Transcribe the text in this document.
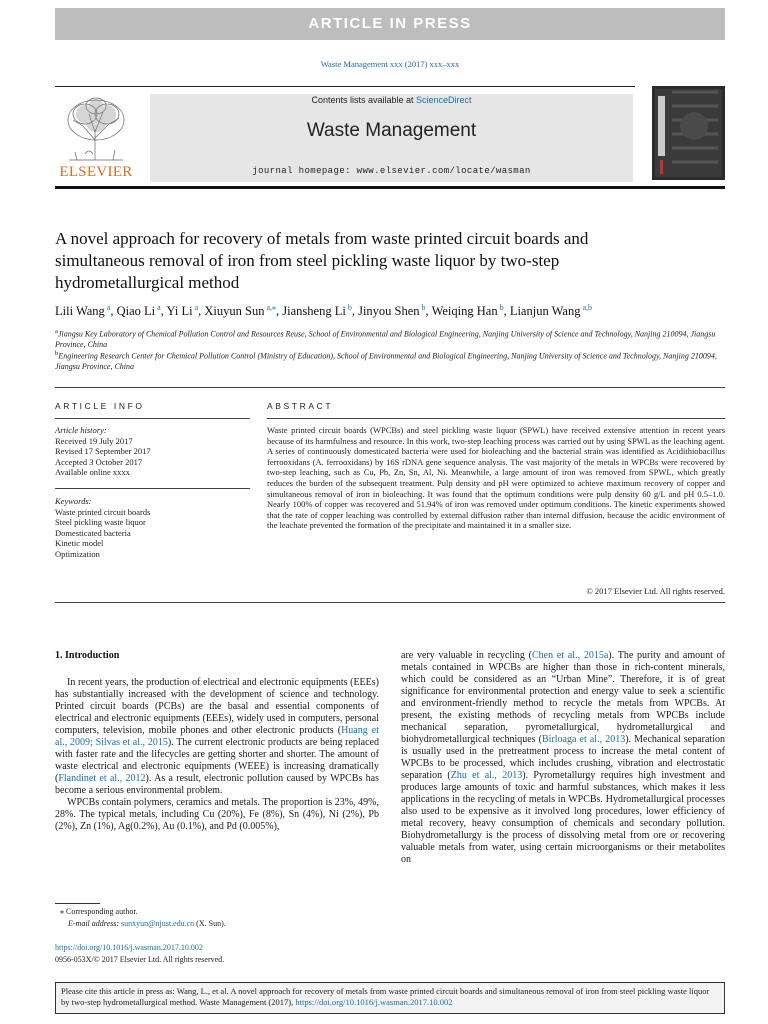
ARTICLE IN PRESS
Waste Management xxx (2017) xxx–xxx
ELSEVIER
Contents lists available at ScienceDirect
Waste Management
journal homepage: www.elsevier.com/locate/wasman
A novel approach for recovery of metals from waste printed circuit boards and simultaneous removal of iron from steel pickling waste liquor by two-step hydrometallurgical method
Lili Wang $^a$, Qiao Li $^a$, Yi Li $^a$, Xiuyun Sun $^{a,⁎}$, Jiansheng Li $^b$, Jinyou Shen $^b$, Weiqing Han $^b$, Lianjun Wang $^{a,b}$
$^a$Jiangsu Key Laboratory of Chemical Pollution Control and Resources Reuse, School of Environmental and Biological Engineering, Nanjing University of Science and Technology, Nanjing 210094, Jiangsu Province, China
$^b$Engineering Research Center for Chemical Pollution Control (Ministry of Education), School of Environmental and Biological Engineering, Nanjing University of Science and Technology, Nanjing 210094, Jiangsu Province, China
ARTICLE INFO	ABSTRACT
Article history:
Received 19 July 2017
Revised 17 September 2017
Accepted 3 October 2017
Available online xxxx
Keywords:
Waste printed circuit boards
Steel pickling waste liquor
Domesticated bacteria
Kinetic model
Optimization
Waste printed circuit boards (WPCBs) and steel pickling waste liquor (SPWL) have received extensive attention in recent years because of its harmfulness and resource. In this work, two-step leaching process was carried out by using SPWL as the leaching agent. A series of continuously domesticated bacteria were used for bioleaching and the bacterial strain was identified as Acidithiobacillus ferrooxidans (A. ferrooxidans) by 16S rDNA gene sequence analysis. The vast majority of the metals in WPCBs were recovered by two-step leaching, such as Cu, Pb, Zn, Sn, Al, Ni. Meanwhile, a large amount of iron was removed from SPWL, which greatly reduces the burden of the subsequent treatment. Pulp density and pH were optimized to achieve maximum recovery of copper and simultaneous removal of iron in bioleaching. It was found that the optimum conditions were pulp density 60 g/L and pH 0.5–1.0. Nearly 100% of copper was recovered and 51.94% of iron was removed under optimum conditions. The kinetic experiments showed that the rate of copper leaching was controlled by external diffusion rather than internal diffusion, because the acidic environment of the leachate prevented the formation of the precipitate and maintained it in a smaller size.
© 2017 Elsevier Ltd. All rights reserved.
1. Introduction

In recent years, the production of electrical and electronic equipments (EEEs) has substantially increased with the development of science and technology. Printed circuit boards (PCBs) are the basal and essential components of electrical and electronic equipments (EEEs), widely used in computers, personal computers, television, mobile phones and other electronic products (Huang et al., 2009; Silvas et al., 2015). The current electronic products are being replaced with faster rate and the lifecycles are getting shorter and shorter. The amount of waste electrical and electronic equipments (WEEE) is increasing dramatically (Flandinet et al., 2012). As a result, electronic pollution caused by WPCBs has become a serious environmental problem.

WPCBs contain polymers, ceramics and metals. The proportion is 23%, 49%, 28%. The typical metals, including Cu (20%), Fe (8%), Sn (4%), Ni (2%), Pb (2%), Zn (1%), Ag(0.2%), Au (0.1%), and Pd (0.005%),

are very valuable in recycling (Chen et al., 2015a). The purity and amount of metals contained in WPCBs are higher than those in rich-content minerals, which could be considered as an “Urban Mine”. Therefore, it is of great significance for environmental protection and energy value to seek a scientific and environment-friendly method to recycle the metals from WPCBs. At present, the existing methods of recycling metals from WPCBs include mechanical separation, pyrometallurgical, hydrometallurgical and biohydrometallurgical techniques (Birloaga et al., 2013). Mechanical separation is usually used in the pretreatment process to increase the metal content of WPCBs to be processed, which includes crushing, vibration and electrostatic separation (Zhu et al., 2013). Pyrometallurgy requires high investment and produces large amounts of toxic and harmful substances, which makes it less applications in the recycling of metals in WPCBs. Hydrometallurgical processes also used to be expensive as it involved long procedures, lower efficiency of metal recovery, heavy consumption of chemicals and secondary pollution. Biohydrometallurgy is the process of dissolving metal from ore or recovering valuable metals from water, using certain microorganisms or their metabolites on

⁎ Corresponding author.
E-mail address: sunxyun@njust.edu.cn (X. Sun).
https://doi.org/10.1016/j.wasman.2017.10.002
0956-053X/© 2017 Elsevier Ltd. All rights reserved.
Please cite this article in press as: Wang, L., et al. A novel approach for recovery of metals from waste printed circuit boards and simultaneous removal of iron from steel pickling waste liquor by two-step hydrometallurgical method. Waste Management (2017), https://doi.org/10.1016/j.wasman.2017.10.002
